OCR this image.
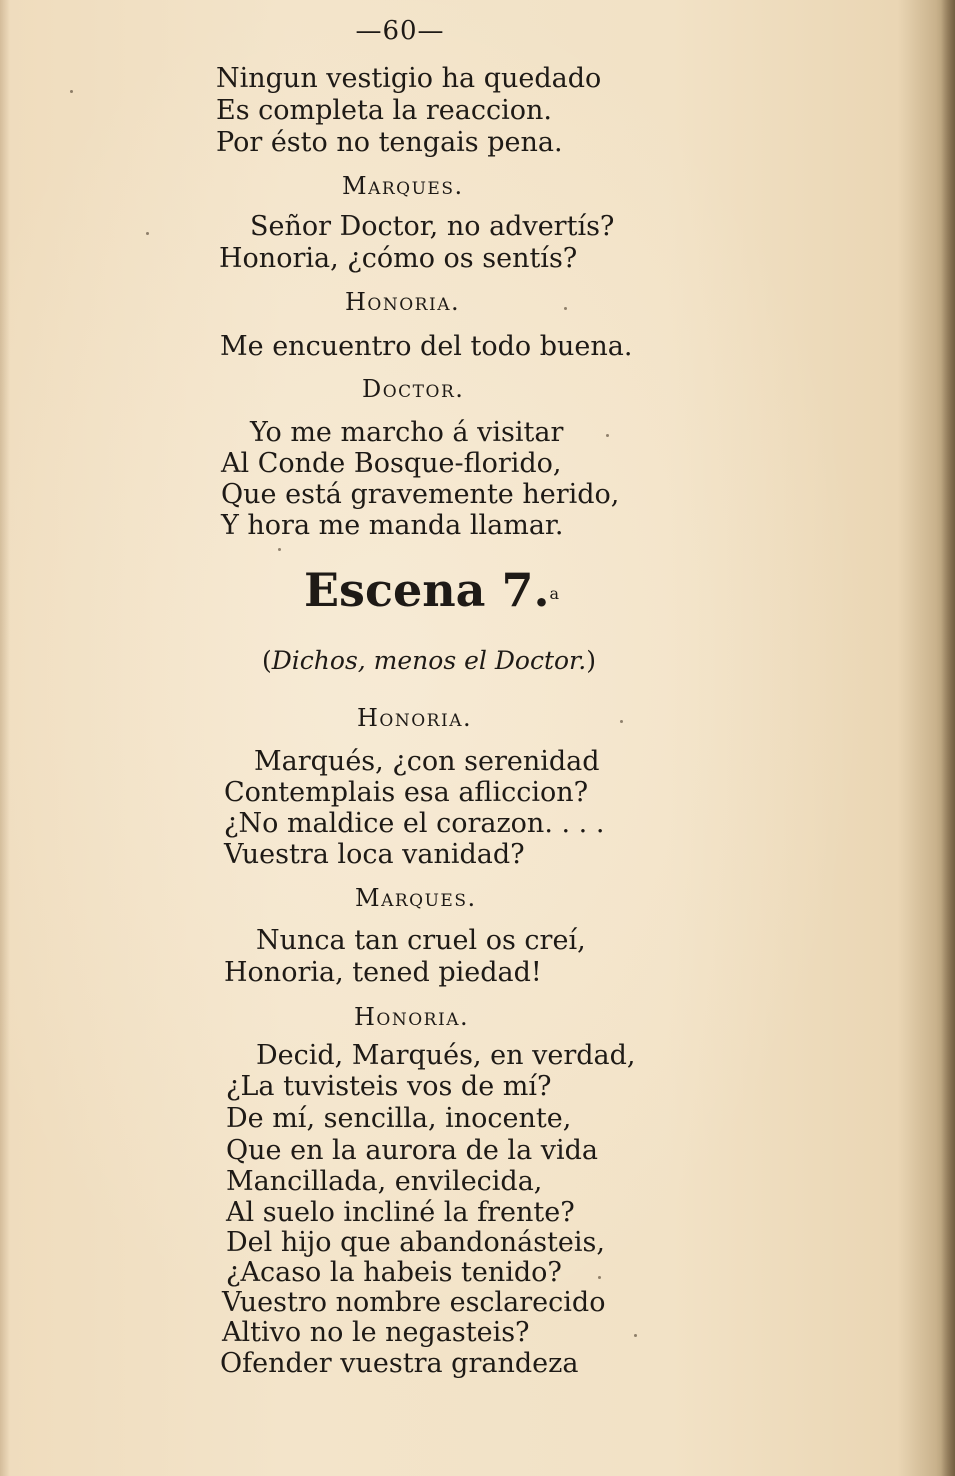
—60—
Ningun vestigio ha quedado
Es completa la reaccion.
Por ésto no tengais pena.
Marques.
Señor Doctor, no advertís?
Honoria, ¿cómo os sentís?
Honoria.
Me encuentro del todo buena.
Doctor.
Yo me marcho á visitar
Al Conde Bosque-florido,
Que está gravemente herido,
Y hora me manda llamar.
Escena 7.$^a$
(Dichos, menos el Doctor.)
Honoria.
Marqués, ¿con serenidad
Contemplais esa afliccion?
¿No maldice el corazon. . . .
Vuestra loca vanidad?
Marques.
Nunca tan cruel os creí,
Honoria, tened piedad!
Honoria.
Decid, Marqués, en verdad,
¿La tuvisteis vos de mí?
De mí, sencilla, inocente,
Que en la aurora de la vida
Mancillada, envilecida,
Al suelo incliné la frente?
Del hijo que abandonásteis,
¿Acaso la habeis tenido?
Vuestro nombre esclarecido
Altivo no le negasteis?
Ofender vuestra grandeza
